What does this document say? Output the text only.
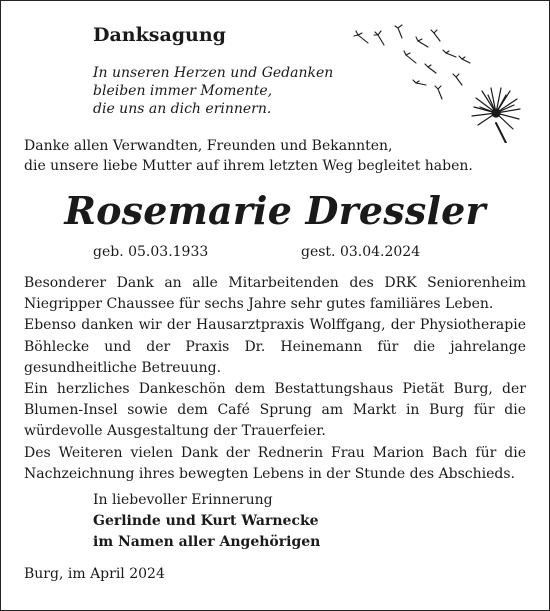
Danksagung
In unseren Herzen und Gedanken
bleiben immer Momente,
die uns an dich erinnern.
Danke allen Verwandten, Freunden und Bekannten,
die unsere liebe Mutter auf ihrem letzten Weg begleitet haben.
Rosemarie Dressler
geb. 05.03.1933	gest. 03.04.2024

Besonderer Dank an alle Mitarbeitenden des DRK Seniorenheim Niegripper Chaussee für sechs Jahre sehr gutes familiäres Leben.

Ebenso danken wir der Hausarztpraxis Wolffgang, der Physiotherapie Böhlecke und der Praxis Dr. Heinemann für die jahrelange gesundheitliche Betreuung.

Ein herzliches Dankeschön dem Bestattungshaus Pietät Burg, der Blumen-Insel sowie dem Café Sprung am Markt in Burg für die würdevolle Ausgestaltung der Trauerfeier.

Des Weiteren vielen Dank der Rednerin Frau Marion Bach für die Nachzeichnung ihres bewegten Lebens in der Stunde des Abschieds.

In liebevoller Erinnerung
Gerlinde und Kurt Warnecke
im Namen aller Angehörigen
Burg, im April 2024
